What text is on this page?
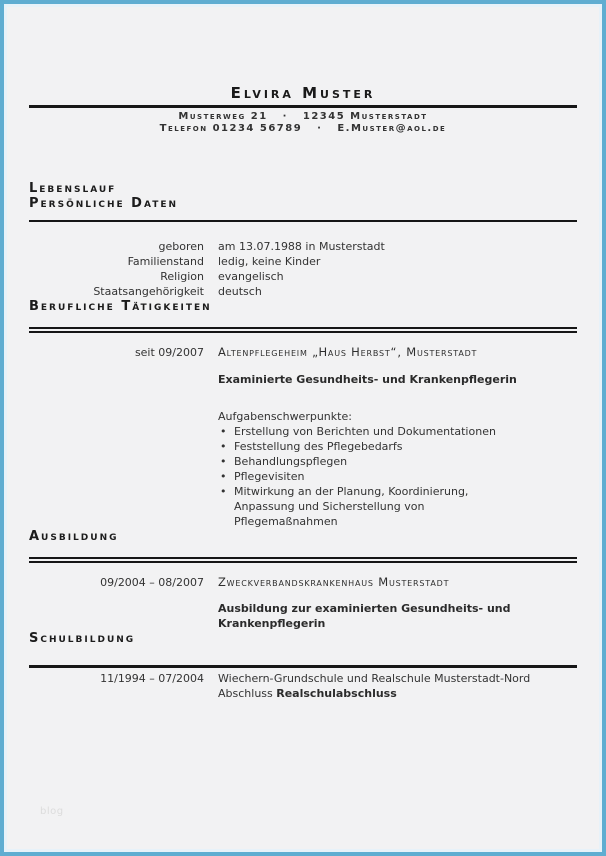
Elvira Muster
Musterweg 21   ·   12345 Musterstadt
Telefon 01234 56789   ·   E.Muster@aol.de
Lebenslauf
Persönliche Daten
geboren am 13.07.1988 in Musterstadt
Familienstand ledig, keine Kinder
Religion evangelisch
Staatsangehörigkeit deutsch
Berufliche Tätigkeiten
seit 09/2007 Altenpflegeheim „Haus Herbst“, Musterstadt
Examinierte Gesundheits- und Krankenpflegerin
Aufgabenschwerpunkte:
• Erstellung von Berichten und Dokumentationen
• Feststellung des Pflegebedarfs
• Behandlungspflegen
• Pflegevisiten
• Mitwirkung an der Planung, Koordinierung, Anpassung und Sicherstellung von Pflegemaßnahmen
Ausbildung
09/2004 – 08/2007 Zweckverbandskrankenhaus Musterstadt
Ausbildung zur examinierten Gesundheits- und Krankenpflegerin
Schulbildung
11/1994 – 07/2004 Wiechern-Grundschule und Realschule Musterstadt-Nord
Abschluss Realschulabschluss
blog
